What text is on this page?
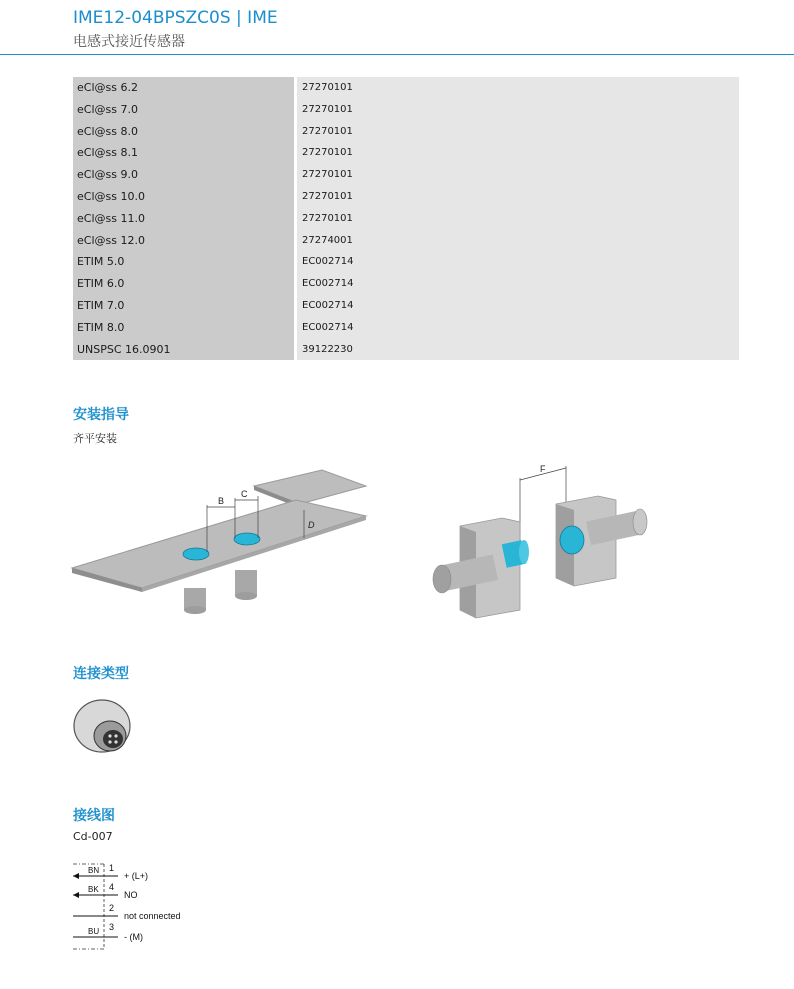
IME12-04BPSZC0S | IME
电感式接近传感器
eCl@ss 6.2	27270101
eCl@ss 7.0	27270101
eCl@ss 8.0	27270101
eCl@ss 8.1	27270101
eCl@ss 9.0	27270101
eCl@ss 10.0	27270101
eCl@ss 11.0	27270101
eCl@ss 12.0	27274001
ETIM 5.0	EC002714
ETIM 6.0	EC002714
ETIM 7.0	EC002714
ETIM 8.0	EC002714
UNSPSC 16.0901	39122230
安装指导
齐平安装
B
C
D
F
连接类型
接线图
Cd-007
BN 1
+ (L+)
BK 4
NO
2
not connected
BU 3
- (M)
